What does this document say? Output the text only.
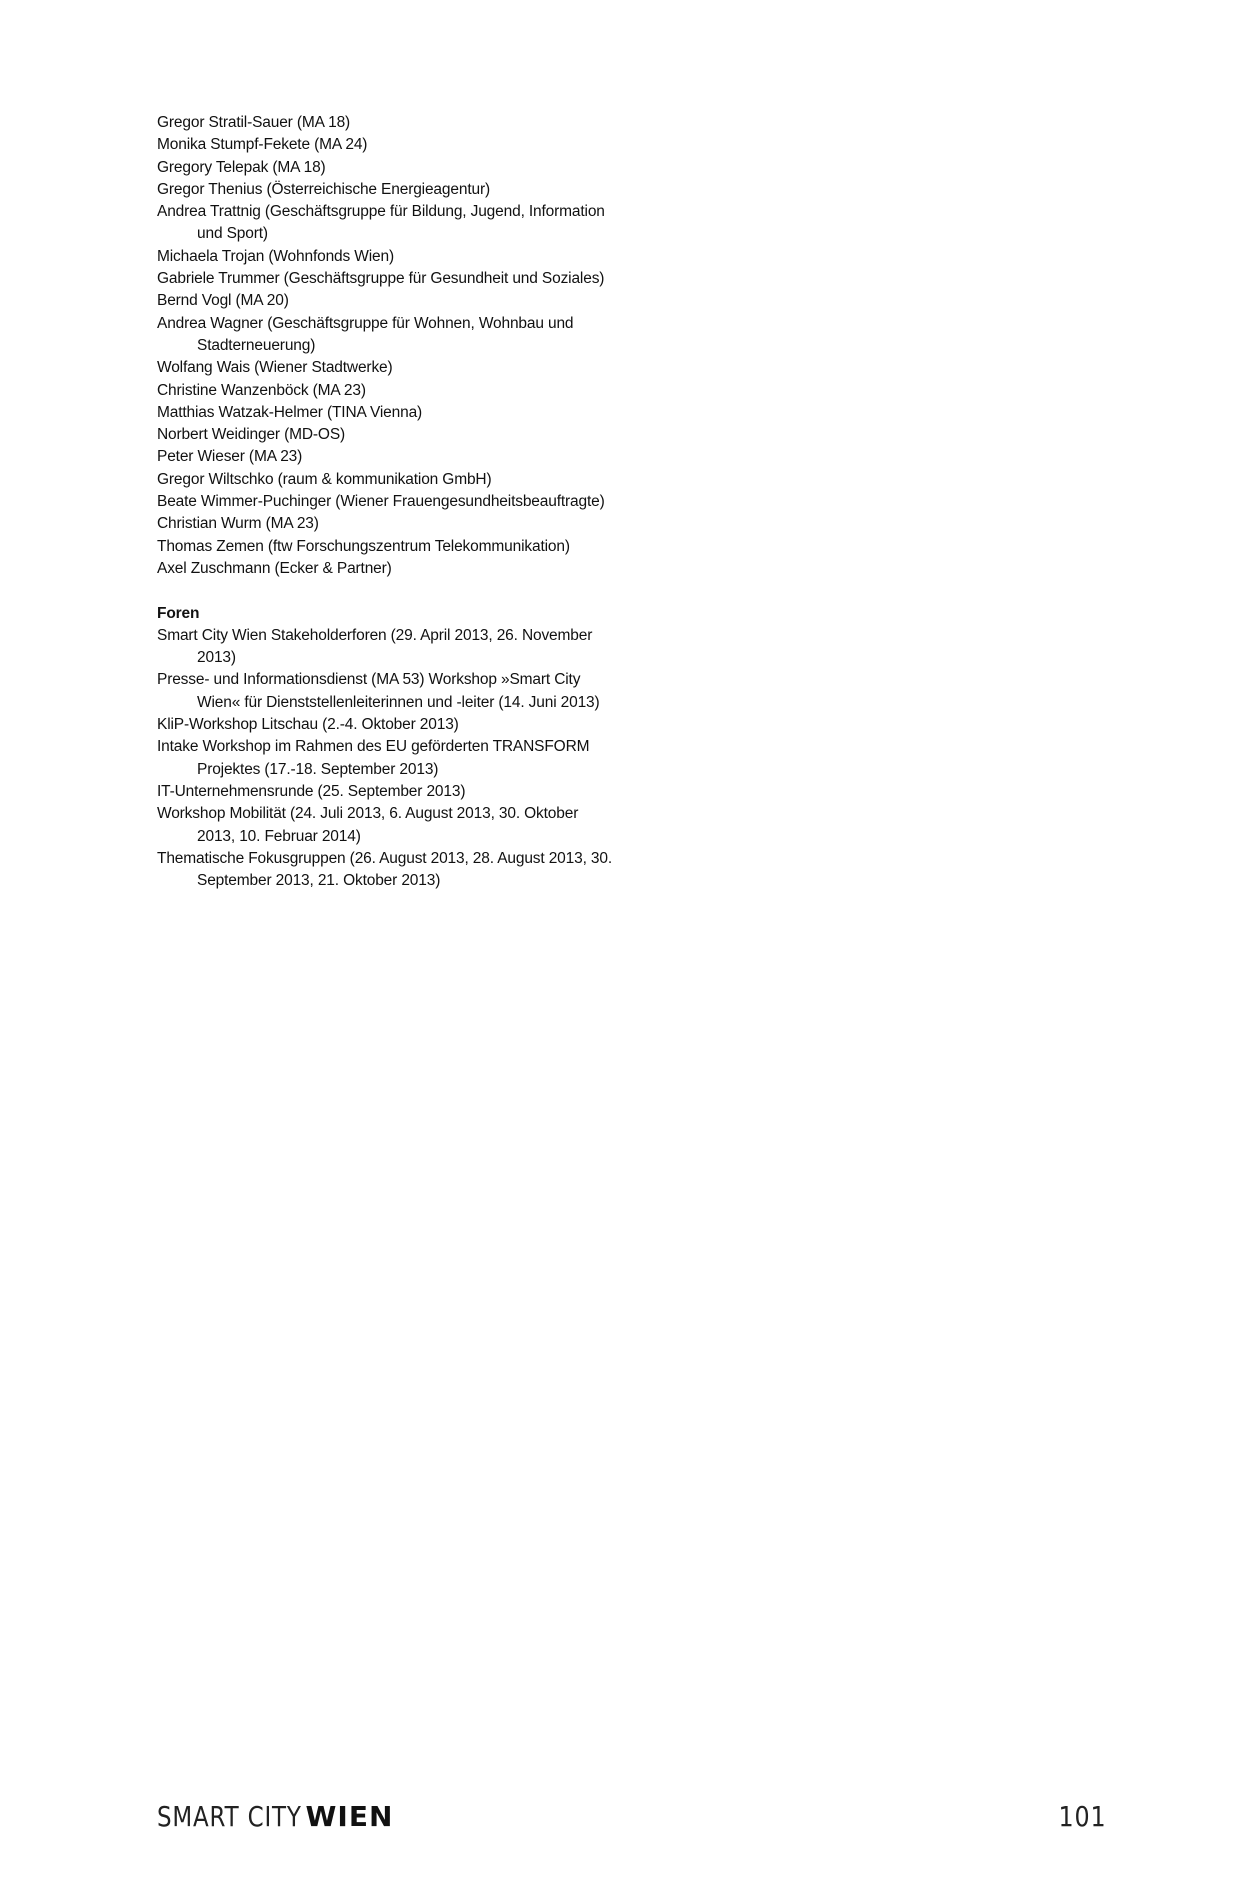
Gregor Stratil-Sauer (MA 18)

Monika Stumpf-Fekete (MA 24)

Gregory Telepak (MA 18)

Gregor Thenius (Österreichische Energieagentur)

Andrea Trattnig (Geschäftsgruppe für Bildung, Jugend, Information und Sport)

Michaela Trojan (Wohnfonds Wien)

Gabriele Trummer (Geschäftsgruppe für Gesundheit und Soziales)

Bernd Vogl (MA 20)

Andrea Wagner (Geschäftsgruppe für Wohnen, Wohnbau und Stadterneuerung)

Wolfang Wais (Wiener Stadtwerke)

Christine Wanzenböck (MA 23)

Matthias Watzak-Helmer (TINA Vienna)

Norbert Weidinger (MD-OS)

Peter Wieser (MA 23)

Gregor Wiltschko (raum & kommunikation GmbH)

Beate Wimmer-Puchinger (Wiener Frauengesundheitsbeauftragte)

Christian Wurm (MA 23)

Thomas Zemen (ftw Forschungszentrum Telekommunikation)

Axel Zuschmann (Ecker & Partner)

Foren

Smart City Wien Stakeholderforen (29. April 2013, 26. November 2013)

Presse- und Informationsdienst (MA 53) Workshop »Smart City Wien« für Dienststellenleiterinnen und -leiter (14. Juni 2013)

KliP-Workshop Litschau (2.-4. Oktober 2013)

Intake Workshop im Rahmen des EU geförderten TRANSFORM Projektes (17.-18. September 2013)

IT-Unternehmensrunde (25. September 2013)

Workshop Mobilität (24. Juli 2013, 6. August 2013, 30. Oktober 2013, 10. Februar 2014)

Thematische Fokusgruppen (26. August 2013, 28. August 2013, 30. September 2013, 21. Oktober 2013)

SMART CITYWIEN	101
